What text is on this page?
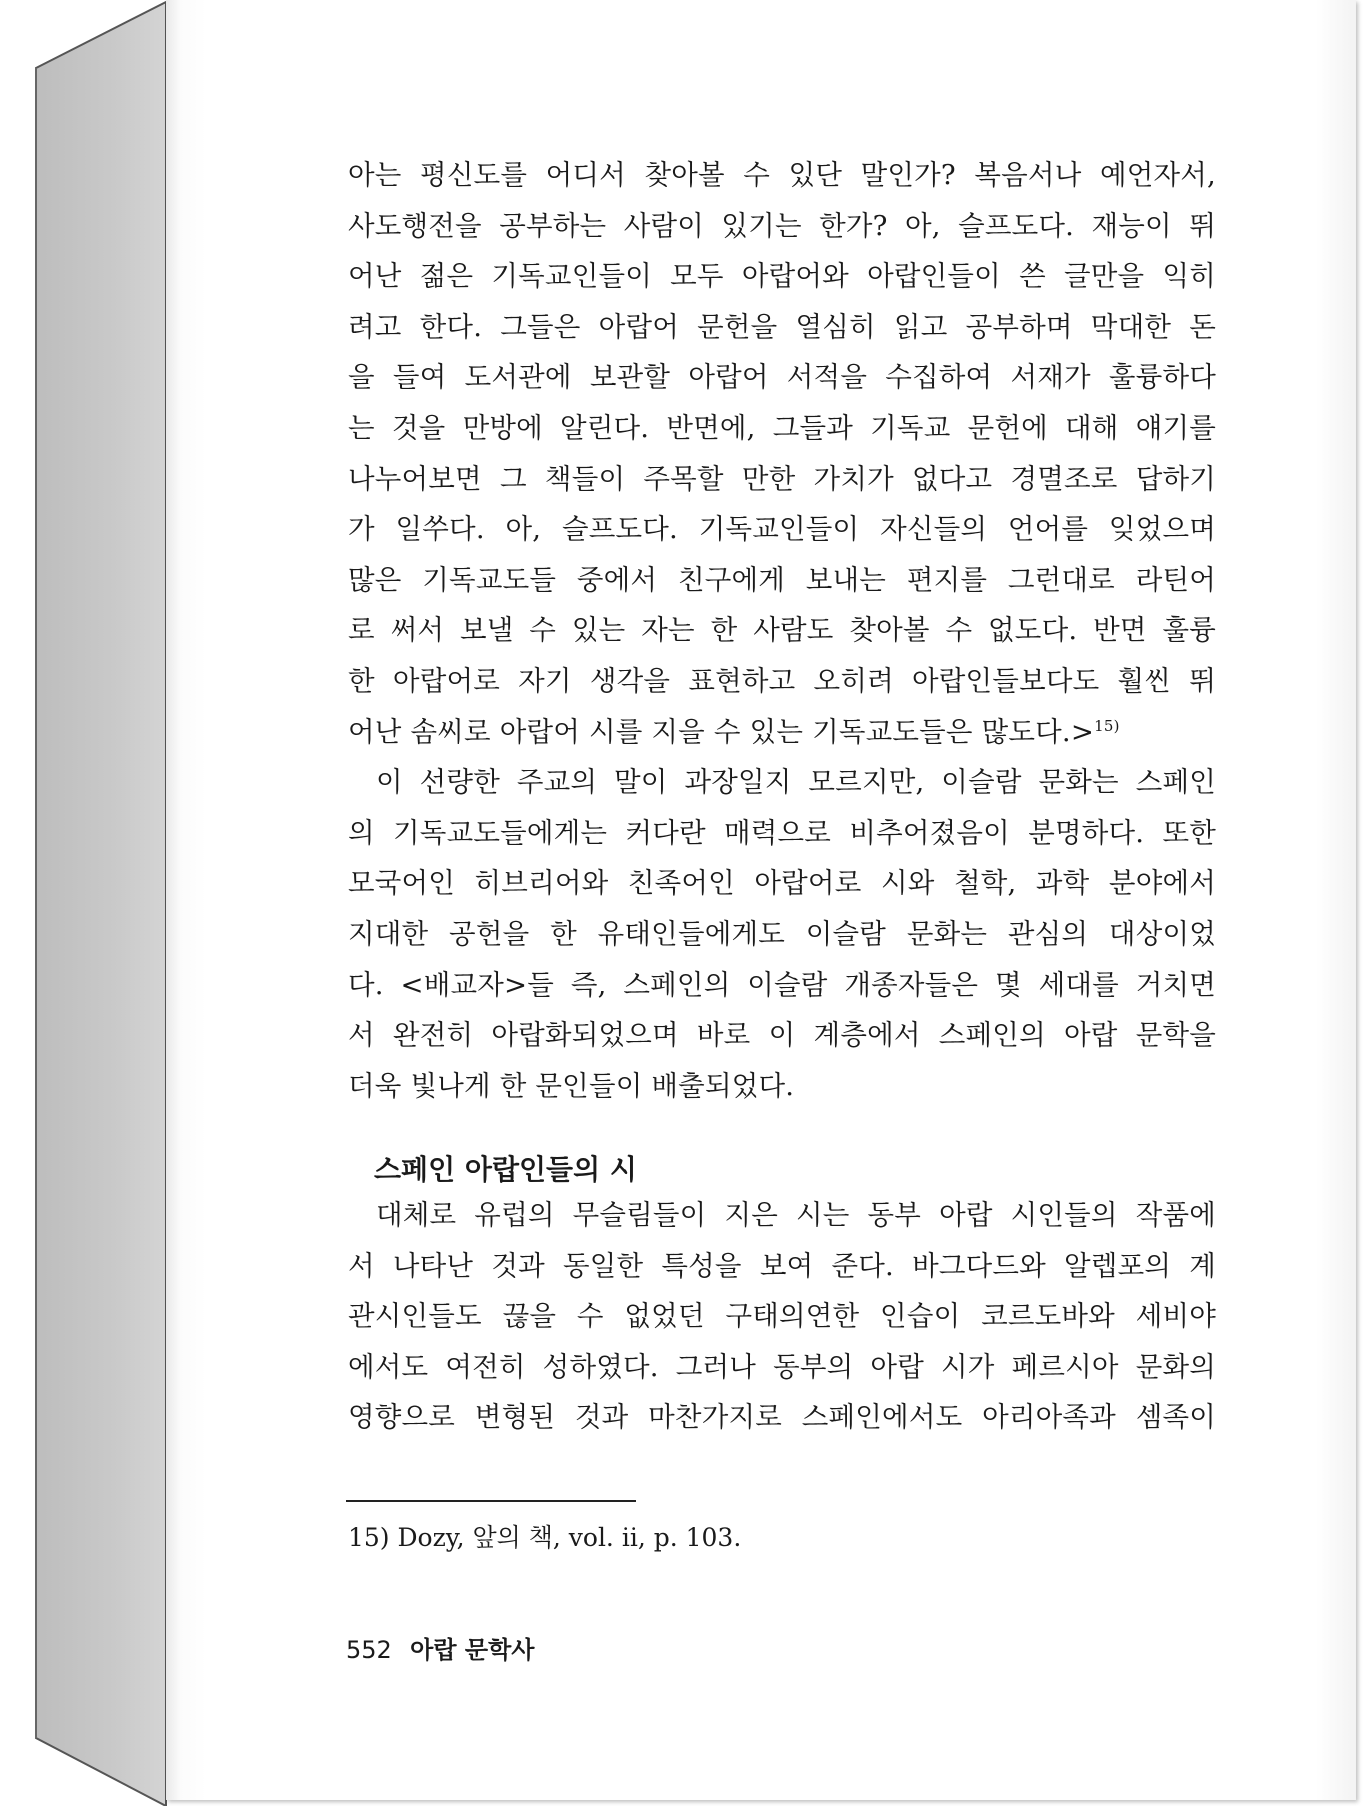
아는 평신도를 어디서 찾아볼 수 있단 말인가? 복음서나 예언자서,
사도행전을 공부하는 사람이 있기는 한가? 아, 슬프도다. 재능이 뛰
어난 젊은 기독교인들이 모두 아랍어와 아랍인들이 쓴 글만을 익히
려고 한다. 그들은 아랍어 문헌을 열심히 읽고 공부하며 막대한 돈
을 들여 도서관에 보관할 아랍어 서적을 수집하여 서재가 훌륭하다
는 것을 만방에 알린다. 반면에, 그들과 기독교 문헌에 대해 얘기를
나누어보면 그 책들이 주목할 만한 가치가 없다고 경멸조로 답하기
가 일쑤다. 아, 슬프도다. 기독교인들이 자신들의 언어를 잊었으며
많은 기독교도들 중에서 친구에게 보내는 편지를 그런대로 라틴어
로 써서 보낼 수 있는 자는 한 사람도 찾아볼 수 없도다. 반면 훌륭
한 아랍어로 자기 생각을 표현하고 오히려 아랍인들보다도 훨씬 뛰
어난 솜씨로 아랍어 시를 지을 수 있는 기독교도들은 많도다.>$^{15)}$
이 선량한 주교의 말이 과장일지 모르지만, 이슬람 문화는 스페인
의 기독교도들에게는 커다란 매력으로 비추어졌음이 분명하다. 또한
모국어인 히브리어와 친족어인 아랍어로 시와 철학, 과학 분야에서
지대한 공헌을 한 유태인들에게도 이슬람 문화는 관심의 대상이었
다. <배교자>들 즉, 스페인의 이슬람 개종자들은 몇 세대를 거치면
서 완전히 아랍화되었으며 바로 이 계층에서 스페인의 아랍 문학을
더욱 빛나게 한 문인들이 배출되었다.
스페인 아랍인들의 시
대체로 유럽의 무슬림들이 지은 시는 동부 아랍 시인들의 작품에
서 나타난 것과 동일한 특성을 보여 준다. 바그다드와 알렙포의 계
관시인들도 끊을 수 없었던 구태의연한 인습이 코르도바와 세비야
에서도 여전히 성하였다. 그러나 동부의 아랍 시가 페르시아 문화의
영향으로 변형된 것과 마찬가지로 스페인에서도 아리아족과 셈족이
15) Dozy, 앞의 책, vol. ii, p. 103.
552 아랍 문학사
